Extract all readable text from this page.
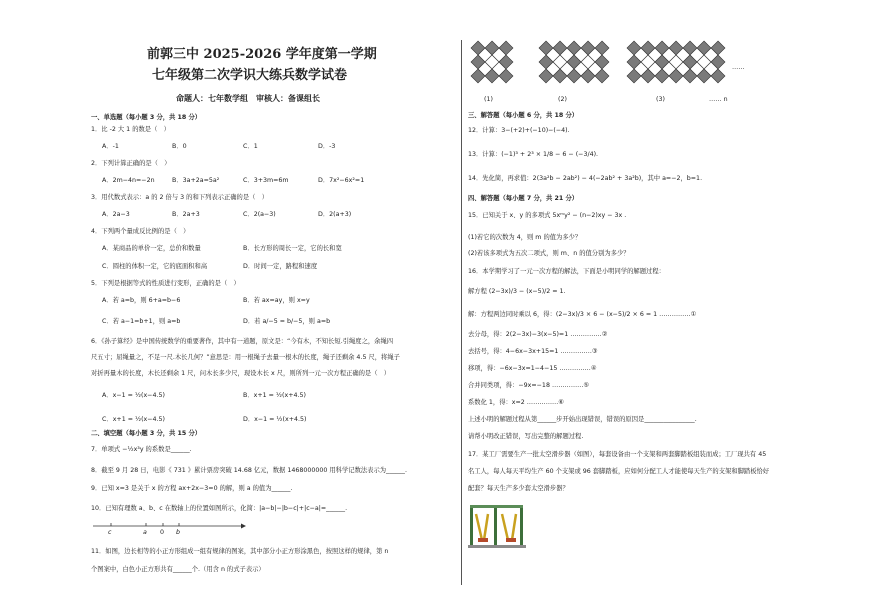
前郭三中 2025-2026 学年度第一学期
七年级第二次学识大练兵数学试卷
命题人：七年数学组　审核人：备课组长
一、单选题（每小题 3 分，共 18 分）
1．比 -2 大 1 的数是（　）
A．-1	B．0	C．1	D．-3
2．下列计算正确的是（　）
A．2m−4n=−2n	B．3a+2a=5a²	C．3+3m=6m	D．7x²−6x²=1
3．用代数式表示：a 的 2 倍与 3 的和下列表示正确的是（　）
A．2a−3	B．2a+3	C．2(a−3)	D．2(a+3)
4．下列两个量成反比例的是（　）
A．某商品的单价一定，总价和数量	B．长方形的周长一定，它的长和宽
C．圆柱的体积一定，它的底面积和高	D．时间一定，路程和速度
5．下列是根据等式的性质进行变形，正确的是（　）
A．若 a=b，则 6+a=b−6	B．若 ax=ay，则 x=y
C．若 a−1=b+1，则 a=b	D．若 a/−5 = b/−5，则 a=b
6．《孙子算经》是中国传统数学的重要著作，其中有一道题，原文是：“今有木，不知长短.引绳度之，余绳四
尺五寸；屈绳量之，不足一尺.木长几何？”意思是：用一根绳子去量一根木的长度，绳子还剩余 4.5 尺，将绳子
对折再量木的长度，木长还剩余 1 尺，问木长多少尺，现设木长 x 尺，则所列一元一次方程正确的是（　）
A．x−1 = ½(x−4.5)	B．x+1 = ½(x+4.5)
C．x+1 = ½(x−4.5)	D．x−1 = ½(x+4.5)
二、填空题（每小题 3 分，共 15 分）
7．单项式 −½x³y 的系数是______.
8．截至 9 月 28 日，电影《 731 》累计票房突破 14.68 亿元，数据 1468000000 用科学记数法表示为______.
9．已知 x=3 是关于 x 的方程 ax+2x−3=0 的解，则 a 的值为______.
10．已知有理数 a、b、c 在数轴上的位置如图所示，化简：|a−b|−|b−c|+|c−a|=______.
c	a 0 b
11．如图，边长相等的小正方形组成一组有规律的图案，其中部分小正方形涂黑色，按照这样的规律，第 n
个图案中，白色小正方形共有______个.（用含 n 的式子表示）
……
(1)	(2)	(3)	…… n
三、解答题（每小题 6 分，共 18 分）
12．计算：3−(+2)+(−10)−(−4).
13．计算：(−1)³ + 2³ × 1/8 − 6 − (−3/4).
14．先化简，再求值：2(3a²b − 2ab²) − 4(−2ab² + 3a²b)，其中 a=−2，b=1.
四、解答题（每小题 7 分，共 21 分）
15．已知关于 x、y 的多项式 5xᵐy² − (n−2)xy − 3x .
(1)若它的次数为 4，则 m 的值为多少？
(2)若该多项式为五次二项式，则 m、n 的值分别为多少？
16．本学期学习了一元一次方程的解法，下面是小明同学的解题过程：
解方程 (2−3x)/3 − (x−5)/2 = 1.
解：方程两边同时乘以 6，得：(2−3x)/3 × 6 − (x−5)/2 × 6 = 1 ……………①
去分母，得：2(2−3x)−3(x−5)=1 ……………②
去括号，得：4−6x−3x+15=1 ……………③
移项，得：−6x−3x=1−4−15 ……………④
合并同类项，得：−9x=−18 ……………⑤
系数化 1，得：x=2 ……………⑥
上述小明的解题过程从第______步开始出现错误，错误的原因是________________.
请帮小明改正错误，写出完整的解题过程.
17．某工厂需要生产一批太空滑步器（如图），每套设备由一个支架和两套脚踏板组装而成；工厂现共有 45
名工人，每人每天平均生产 60 个支架或 96 套脚踏板，应如何分配工人才能使每天生产的支架和脚踏板恰好
配套？每天生产多少套太空滑步器？
